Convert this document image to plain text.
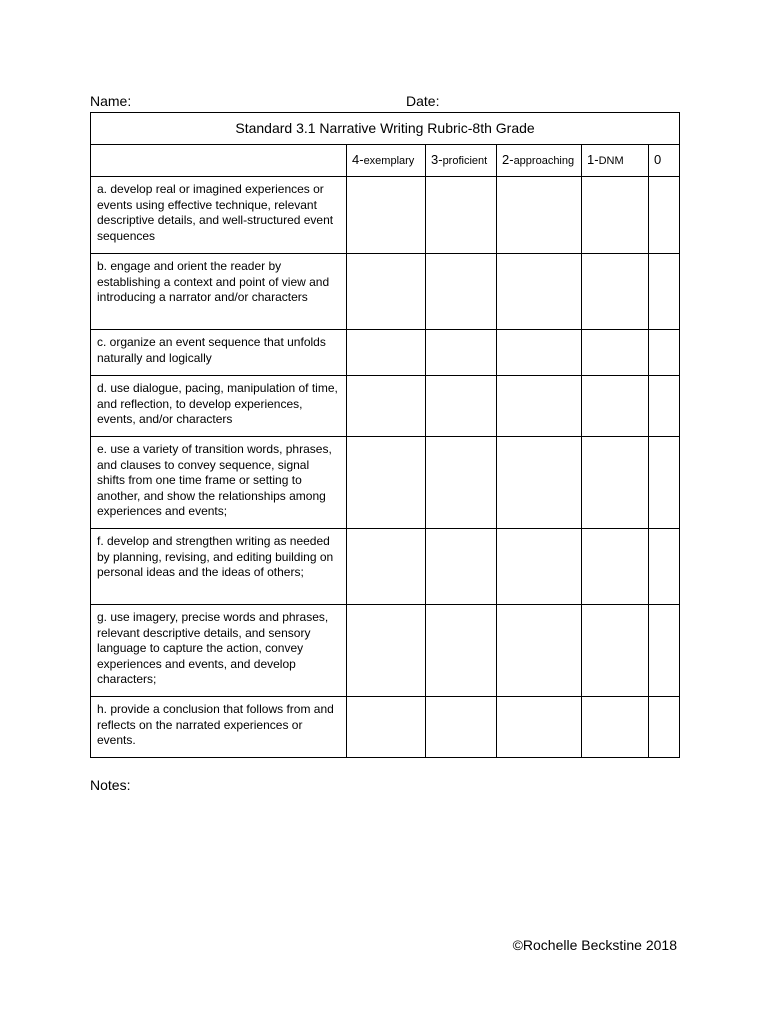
Name:	Date:
Standard 3.1 Narrative Writing Rubric-8th Grade					
	4-exemplary	3-proficient	2-approaching	1-DNM	0
a. develop real or imagined experiences or events using effective technique, relevant descriptive details, and well-structured event sequences					
b. engage and orient the reader by establishing a context and point of view and introducing a narrator and/or characters					
c. organize an event sequence that unfolds naturally and logically					
d. use dialogue, pacing, manipulation of time, and reflection, to develop experiences, events, and/or characters					
e. use a variety of transition words, phrases, and clauses to convey sequence, signal shifts from one time frame or setting to another, and show the relationships among experiences and events;					
f. develop and strengthen writing as needed by planning, revising, and editing building on personal ideas and the ideas of others;					
g. use imagery, precise words and phrases, relevant descriptive details, and sensory language to capture the action, convey experiences and events, and develop characters;					
h. provide a conclusion that follows from and reflects on the narrated experiences or events.					
Notes:
©Rochelle Beckstine 2018
